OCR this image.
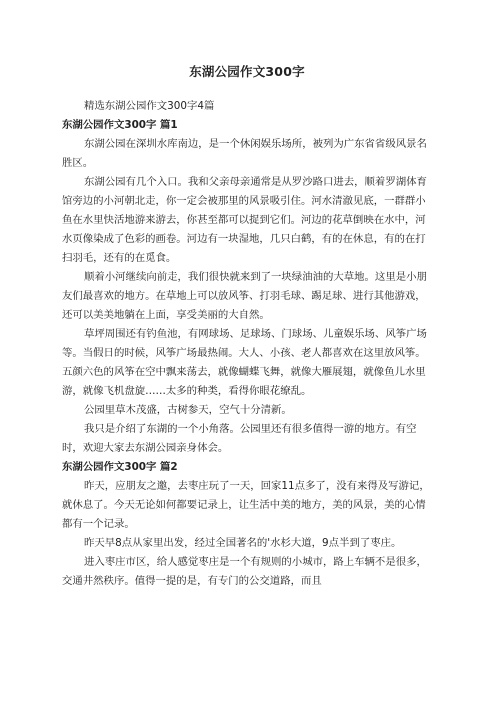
东湖公园作文300字

精选东湖公园作文300字4篇

东湖公园作文300字 篇1

东湖公园在深圳水库南边，是一个休闲娱乐场所，被列为广东省省级风景名胜区。

东湖公园有几个入口。我和父亲母亲通常是从罗沙路口进去，顺着罗湖体育馆旁边的小河朝北走，你一定会被那里的风景吸引住。河水清澈见底，一群群小鱼在水里快活地游来游去，你甚至都可以捉到它们。河边的花草倒映在水中，河水页像染成了色彩的画卷。河边有一块湿地，几只白鹤，有的在休息，有的在打扫羽毛，还有的在觅食。

顺着小河继续向前走，我们很快就来到了一块绿油油的大草地。这里是小朋友们最喜欢的地方。在草地上可以放风筝、打羽毛球、踢足球、进行其他游戏，还可以美美地躺在上面，享受美丽的大自然。

草坪周围还有钓鱼池，有网球场、足球场、门球场、儿童娱乐场、风筝广场等。当假日的时候，风筝广场最热闹。大人、小孩、老人都喜欢在这里放风筝。五颜六色的风筝在空中飘来荡去，就像蝴蝶飞舞，就像大雁展翅，就像鱼儿水里游，就像飞机盘旋……太多的种类，看得你眼花缭乱。

公园里草木茂盛，古树参天，空气十分清新。

我只是介绍了东湖的一个小角落。公园里还有很多值得一游的地方。有空时，欢迎大家去东湖公园亲身体会。

东湖公园作文300字 篇2

昨天，应朋友之邀，去枣庄玩了一天，回家11点多了，没有来得及写游记，就休息了。今天无论如何都要记录上，让生活中美的地方，美的风景，美的心情都有一个记录。

昨天早8点从家里出发，经过全国著名的'水杉大道，9点半到了枣庄。

进入枣庄市区，给人感觉枣庄是一个有规则的小城市，路上车辆不是很多，交通井然秩序。值得一提的是，有专门的公交道路，而且
